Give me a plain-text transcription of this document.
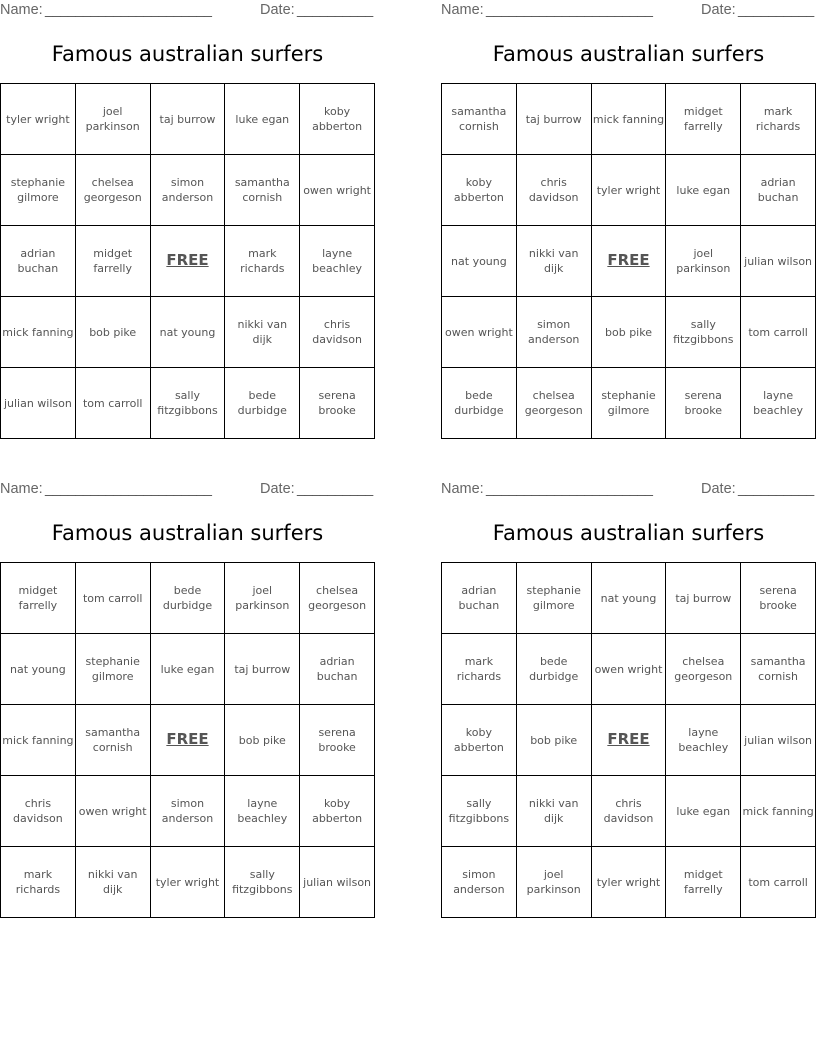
Name: ______________________	Date: __________
Famous australian surfers
tyler wright	joel parkinson	taj burrow	luke egan	koby abberton
stephanie gilmore	chelsea georgeson	simon anderson	samantha cornish	owen wright
adrian buchan	midget farrelly	FREE	mark richards	layne beachley
mick fanning	bob pike	nat young	nikki van dijk	chris davidson
julian wilson	tom carroll	sally fitzgibbons	bede durbidge	serena brooke
Name: ______________________	Date: __________
Famous australian surfers
samantha cornish	taj burrow	mick fanning	midget farrelly	mark richards
koby abberton	chris davidson	tyler wright	luke egan	adrian buchan
nat young	nikki van dijk	FREE	joel parkinson	julian wilson
owen wright	simon anderson	bob pike	sally fitzgibbons	tom carroll
bede durbidge	chelsea georgeson	stephanie gilmore	serena brooke	layne beachley
Name: ______________________	Date: __________
Famous australian surfers
midget farrelly	tom carroll	bede durbidge	joel parkinson	chelsea georgeson
nat young	stephanie gilmore	luke egan	taj burrow	adrian buchan
mick fanning	samantha cornish	FREE	bob pike	serena brooke
chris davidson	owen wright	simon anderson	layne beachley	koby abberton
mark richards	nikki van dijk	tyler wright	sally fitzgibbons	julian wilson
Name: ______________________	Date: __________
Famous australian surfers
adrian buchan	stephanie gilmore	nat young	taj burrow	serena brooke
mark richards	bede durbidge	owen wright	chelsea georgeson	samantha cornish
koby abberton	bob pike	FREE	layne beachley	julian wilson
sally fitzgibbons	nikki van dijk	chris davidson	luke egan	mick fanning
simon anderson	joel parkinson	tyler wright	midget farrelly	tom carroll
